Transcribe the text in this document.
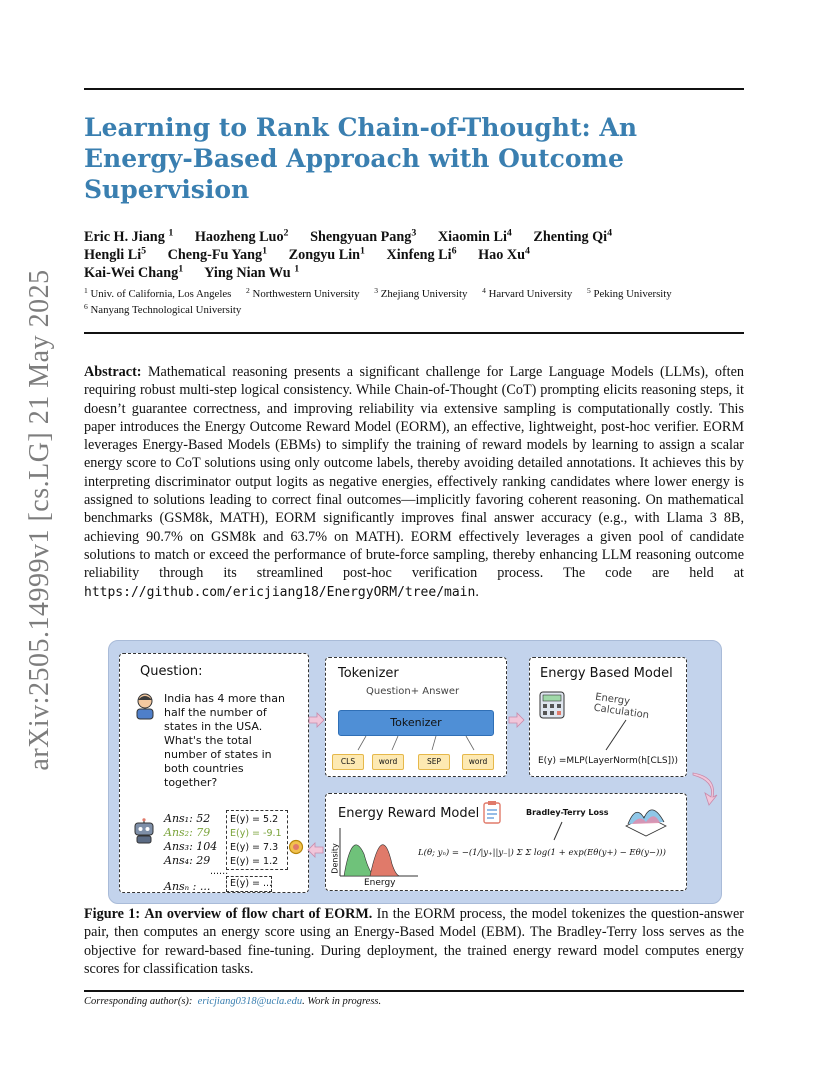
arXiv:2505.14999v1 [cs.LG] 21 May 2025
Learning to Rank Chain-of-Thought: An Energy-Based Approach with Outcome Supervision
Eric H. Jiang $^1$ Haozheng Luo$^2$ Shengyuan Pang$^3$ Xiaomin Li$^4$ Zhenting Qi$^4$
Hengli Li$^5$ Cheng-Fu Yang$^1$ Zongyu Lin$^1$ Xinfeng Li$^6$ Hao Xu$^4$
Kai-Wei Chang$^1$ Ying Nian Wu $^1$
$^1$ Univ. of California, Los Angeles $^2$ Northwestern University $^3$ Zhejiang University $^4$ Harvard University $^5$ Peking University
$^6$ Nanyang Technological University

Abstract: Mathematical reasoning presents a significant challenge for Large Language Models (LLMs), often requiring robust multi-step logical consistency. While Chain-of-Thought (CoT) prompting elicits reasoning steps, it doesn’t guarantee correctness, and improving reliability via extensive sampling is computationally costly. This paper introduces the Energy Outcome Reward Model (EORM), an effective, lightweight, post-hoc verifier. EORM leverages Energy-Based Models (EBMs) to simplify the training of reward models by learning to assign a scalar energy score to CoT solutions using only outcome labels, thereby avoiding detailed annotations. It achieves this by interpreting discriminator output logits as negative energies, effectively ranking candidates where lower energy is assigned to solutions leading to correct final outcomes—implicitly favoring coherent reasoning. On mathematical benchmarks (GSM8k, MATH), EORM significantly improves final answer accuracy (e.g., with Llama 3 8B, achieving 90.7% on GSM8k and 63.7% on MATH). EORM effectively leverages a given pool of candidate solutions to match or exceed the performance of brute-force sampling, thereby enhancing LLM reasoning outcome reliability through its streamlined post-hoc verification process. The code are held at https://github.com/ericjiang18/EnergyORM/tree/main.

Question:
India has 4 more than
half the number of
states in the USA.
What's the total
number of states in
both countries
together?
Ans₁: 52
Ans₂: 79
Ans₃: 104
Ans₄: 29
Ansₙ : ...
E(y) = 5.2
E(y) = -9.1
E(y) = 7.3
E(y) = 1.2
......
E(y) = ...
Tokenizer
Question+ Answer
Tokenizer
CLS	word	SEP	word
Energy Based Model
Energy Calculation
E(y) =MLP(LayerNorm(h[CLS]))
Energy Reward Model	Bradley-Terry Loss
Density
Energy
L(θ; yₙ) = −(1/|y₊||y₋|) Σ Σ log(1 + exp(Eθ(y+) − Eθ(y−)))

Figure 1: An overview of flow chart of EORM. In the EORM process, the model tokenizes the question-answer pair, then computes an energy score using an Energy-Based Model (EBM). The Bradley-Terry loss serves as the objective for reward-based fine-tuning. During deployment, the trained energy reward model computes energy scores for classification tasks.

Corresponding author(s): ericjiang0318@ucla.edu. Work in progress.
